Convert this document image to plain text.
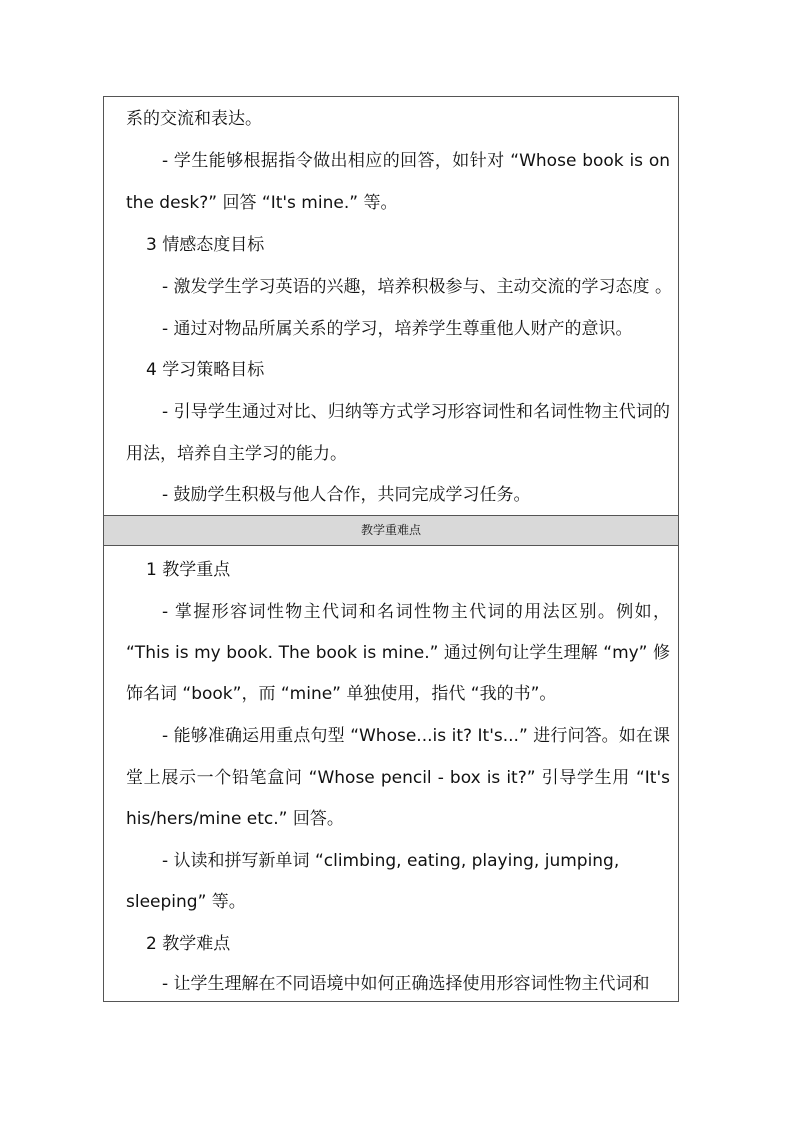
系的交流和表达。
- 学生能够根据指令做出相应的回答，如针对 “Whose book is on
the desk?” 回答 “It's mine.” 等。
3 情感态度目标
- 激发学生学习英语的兴趣，培养积极参与、主动交流的学习态度 。
- 通过对物品所属关系的学习，培养学生尊重他人财产的意识。
4 学习策略目标
- 引导学生通过对比、归纳等方式学习形容词性和名词性物主代词的
用法，培养自主学习的能力。
- 鼓励学生积极与他人合作，共同完成学习任务。
教学重难点
1 教学重点
- 掌握形容词性物主代词和名词性物主代词的用法区别。例如，
“This is my book. The book is mine.” 通过例句让学生理解 “my” 修
饰名词 “book”，而 “mine” 单独使用，指代 “我的书”。
- 能够准确运用重点句型 “Whose...is it? It's...” 进行问答。如在课
堂上展示一个铅笔盒问 “Whose pencil - box is it?” 引导学生用 “It's
his/hers/mine etc.” 回答。
- 认读和拼写新单词 “climbing, eating, playing, jumping,
sleeping” 等。
2 教学难点
- 让学生理解在不同语境中如何正确选择使用形容词性物主代词和
